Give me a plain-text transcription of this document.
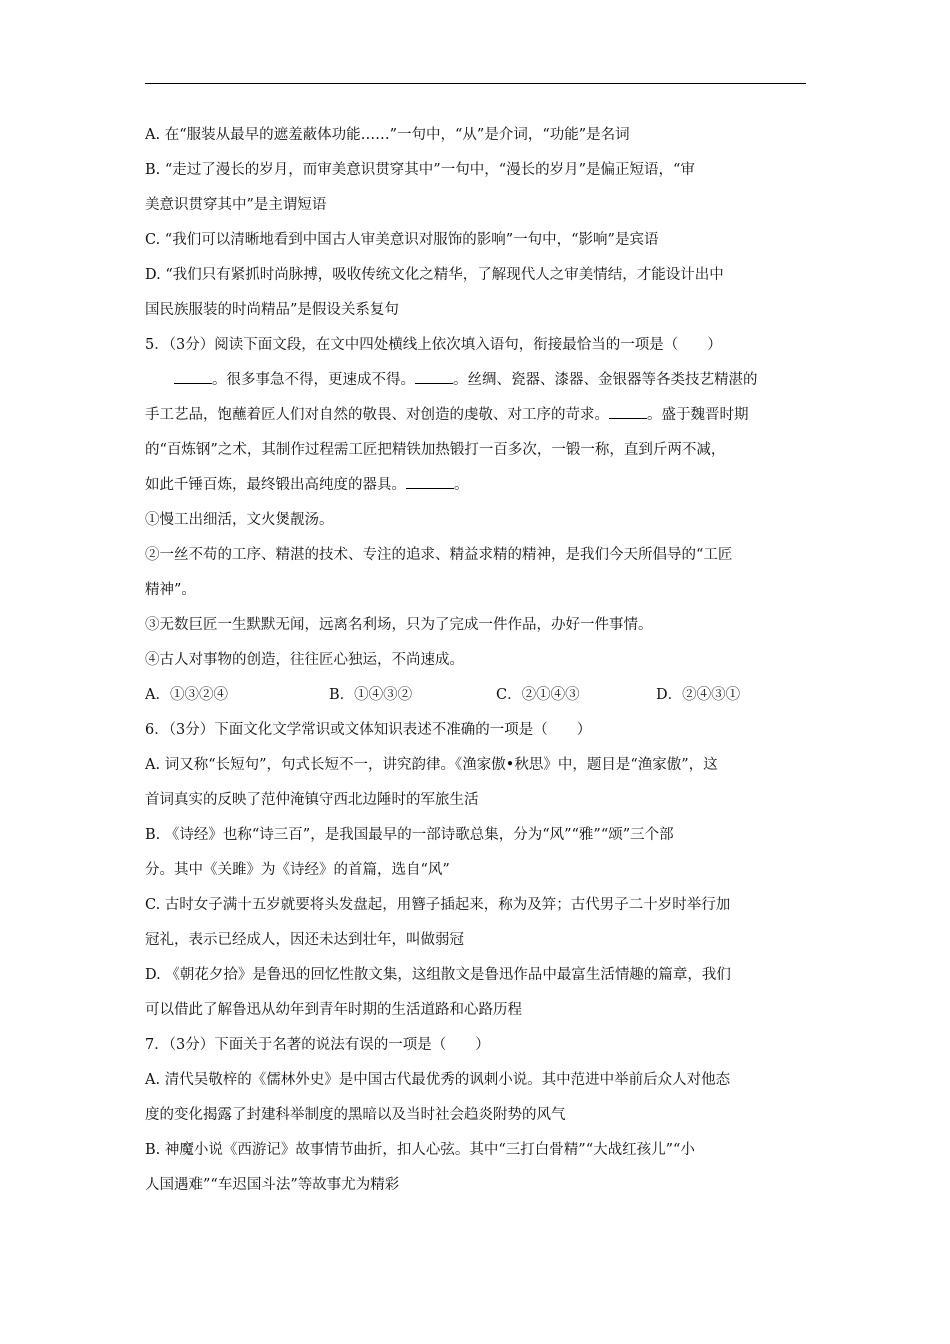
A. 在“服装从最早的遮羞蔽体功能……”一句中，“从”是介词，“功能”是名词
B. “走过了漫长的岁月，而审美意识贯穿其中”一句中，“漫长的岁月”是偏正短语，“审
美意识贯穿其中”是主谓短语
C. “我们可以清晰地看到中国古人审美意识对服饰的影响”一句中，“影响”是宾语
D. “我们只有紧抓时尚脉搏，吸收传统文化之精华，了解现代人之审美情结，才能设计出中
国民族服装的时尚精品”是假设关系复句
5．（3分）阅读下面文段，在文中四处横线上依次填入语句，衔接最恰当的一项是（　　）
。很多事急不得，更速成不得。	。丝绸、瓷器、漆器、金银器等各类技艺精湛的
手工艺品，饱蘸着匠人们对自然的敬畏、对创造的虔敬、对工序的苛求。	。盛于魏晋时期
的“百炼钢”之术，其制作过程需工匠把精铁加热锻打一百多次，一锻一称，直到斤两不减，
如此千锤百炼，最终锻出高纯度的器具。	。
①慢工出细活，文火煲靓汤。
②一丝不苟的工序、精湛的技术、专注的追求、精益求精的精神，是我们今天所倡导的“工匠
精神”。
③无数巨匠一生默默无闻，远离名利场，只为了完成一件作品，办好一件事情。
④古人对事物的创造，往往匠心独运，不尚速成。
A．①③②④	B．①④③②	C．②①④③	D．②④③①
6．（3分）下面文化文学常识或文体知识表述不准确的一项是（　　）
A. 词又称“长短句”，句式长短不一，讲究韵律。《渔家傲•秋思》中，题目是“渔家傲”，这
首词真实的反映了范仲淹镇守西北边陲时的军旅生活
B. 《诗经》也称“诗三百”，是我国最早的一部诗歌总集，分为“风”“雅”“颂”三个部
分。其中《关雎》为《诗经》的首篇，选自“风”
C. 古时女子满十五岁就要将头发盘起，用簪子插起来，称为及笄；古代男子二十岁时举行加
冠礼，表示已经成人，因还未达到壮年，叫做弱冠
D. 《朝花夕拾》是鲁迅的回忆性散文集，这组散文是鲁迅作品中最富生活情趣的篇章，我们
可以借此了解鲁迅从幼年到青年时期的生活道路和心路历程
7．（3分）下面关于名著的说法有误的一项是（　　）
A. 清代吴敬梓的《儒林外史》是中国古代最优秀的讽刺小说。其中范进中举前后众人对他态
度的变化揭露了封建科举制度的黑暗以及当时社会趋炎附势的风气
B. 神魔小说《西游记》故事情节曲折，扣人心弦。其中“三打白骨精”“大战红孩儿”“小
人国遇难”“车迟国斗法”等故事尤为精彩
